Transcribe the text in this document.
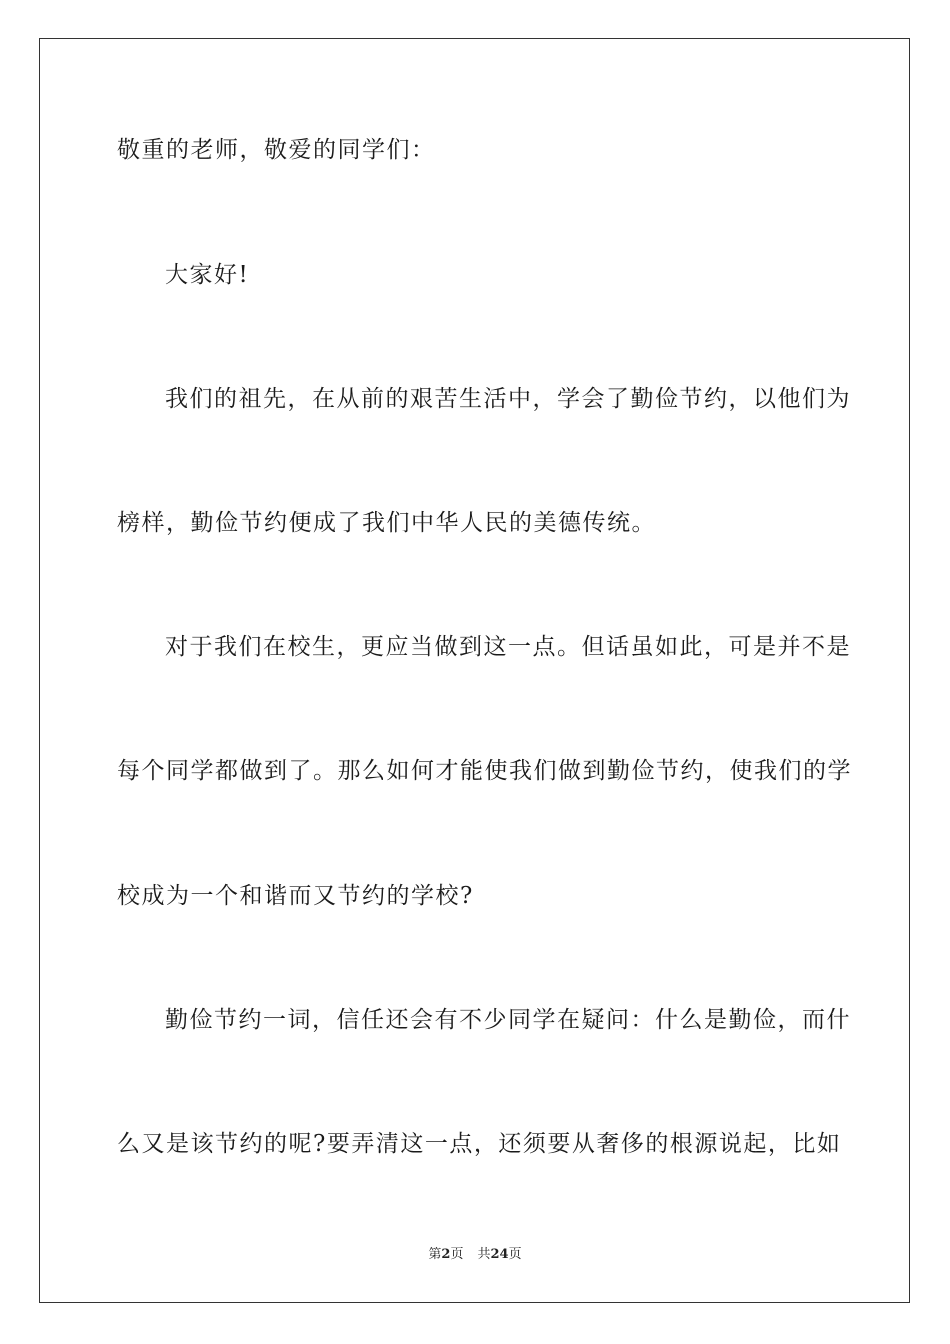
敬重的老师，敬爱的同学们：
大家好!
我们的祖先，在从前的艰苦生活中，学会了勤俭节约，以他们为
榜样，勤俭节约便成了我们中华人民的美德传统。
对于我们在校生，更应当做到这一点。但话虽如此，可是并不是
每个同学都做到了。那么如何才能使我们做到勤俭节约，使我们的学
校成为一个和谐而又节约的学校?
勤俭节约一词，信任还会有不少同学在疑问：什么是勤俭，而什
么又是该节约的呢?要弄清这一点，还须要从奢侈的根源说起，比如
第2页 共24页
